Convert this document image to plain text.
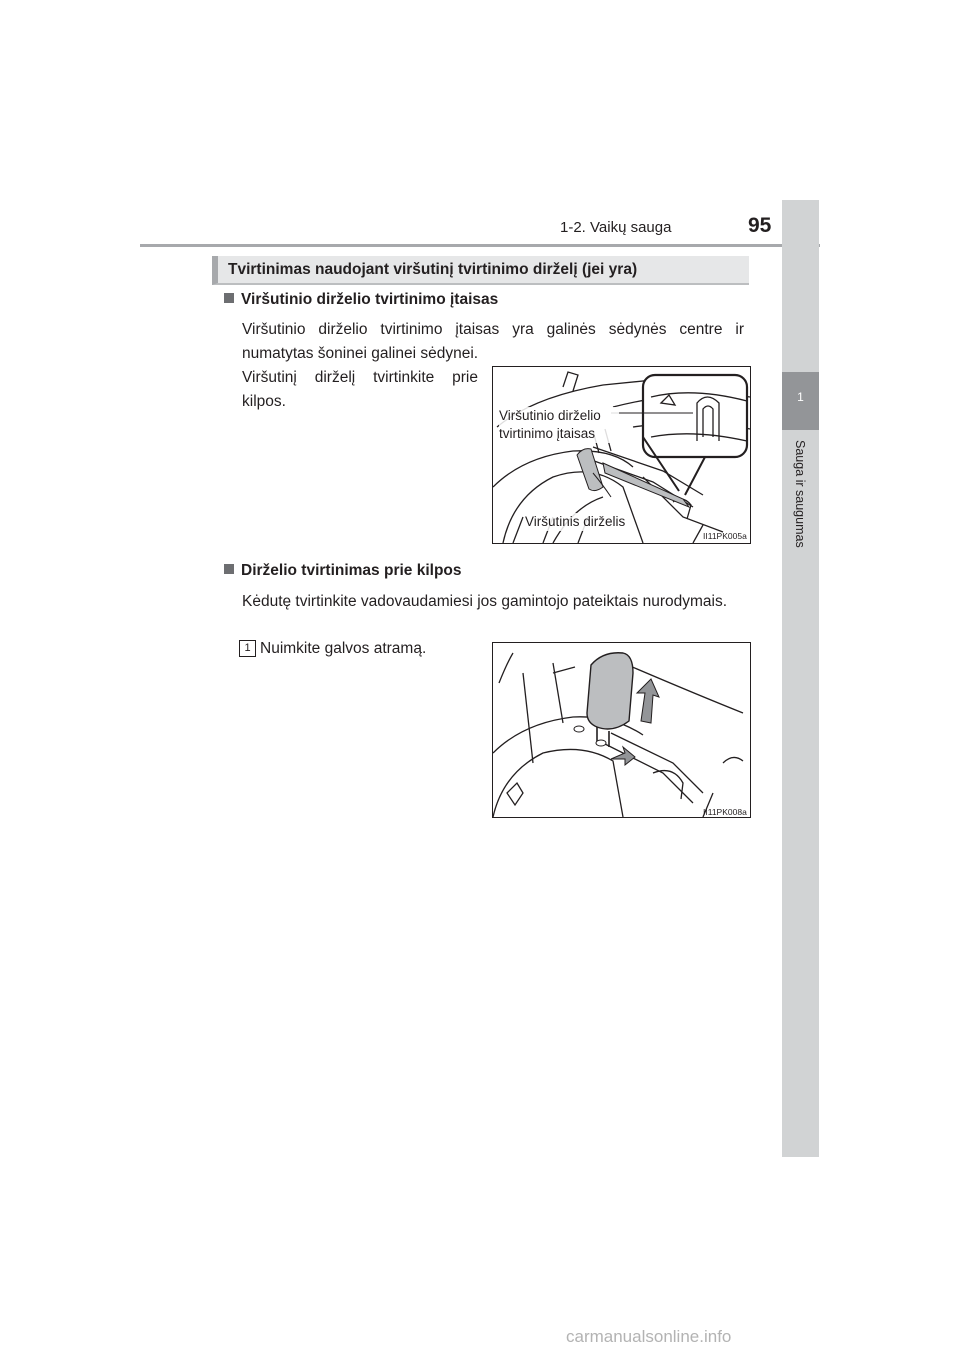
1-2. Vaikų sauga	95
1
Sauga ir saugumas
Tvirtinimas naudojant viršutinį tvirtinimo dirželį (jei yra)
Viršutinio dirželio tvirtinimo įtaisas
Viršutinio dirželio tvirtinimo įtaisas yra galinės sėdynės centre ir numatytas šoninei galinei sėdynei.
Viršutinį dirželį tvirtinkite prie kilpos.
Viršutinio dirželio tvirtinimo įtaisas
Viršutinis dirželis
II11PK005a
Dirželio tvirtinimas prie kilpos
Kėdutę tvirtinkite vadovaudamiesi jos gamintojo pateiktais nurodymais.
1 Nuimkite galvos atramą.
II11PK008a
carmanualsonline.info
